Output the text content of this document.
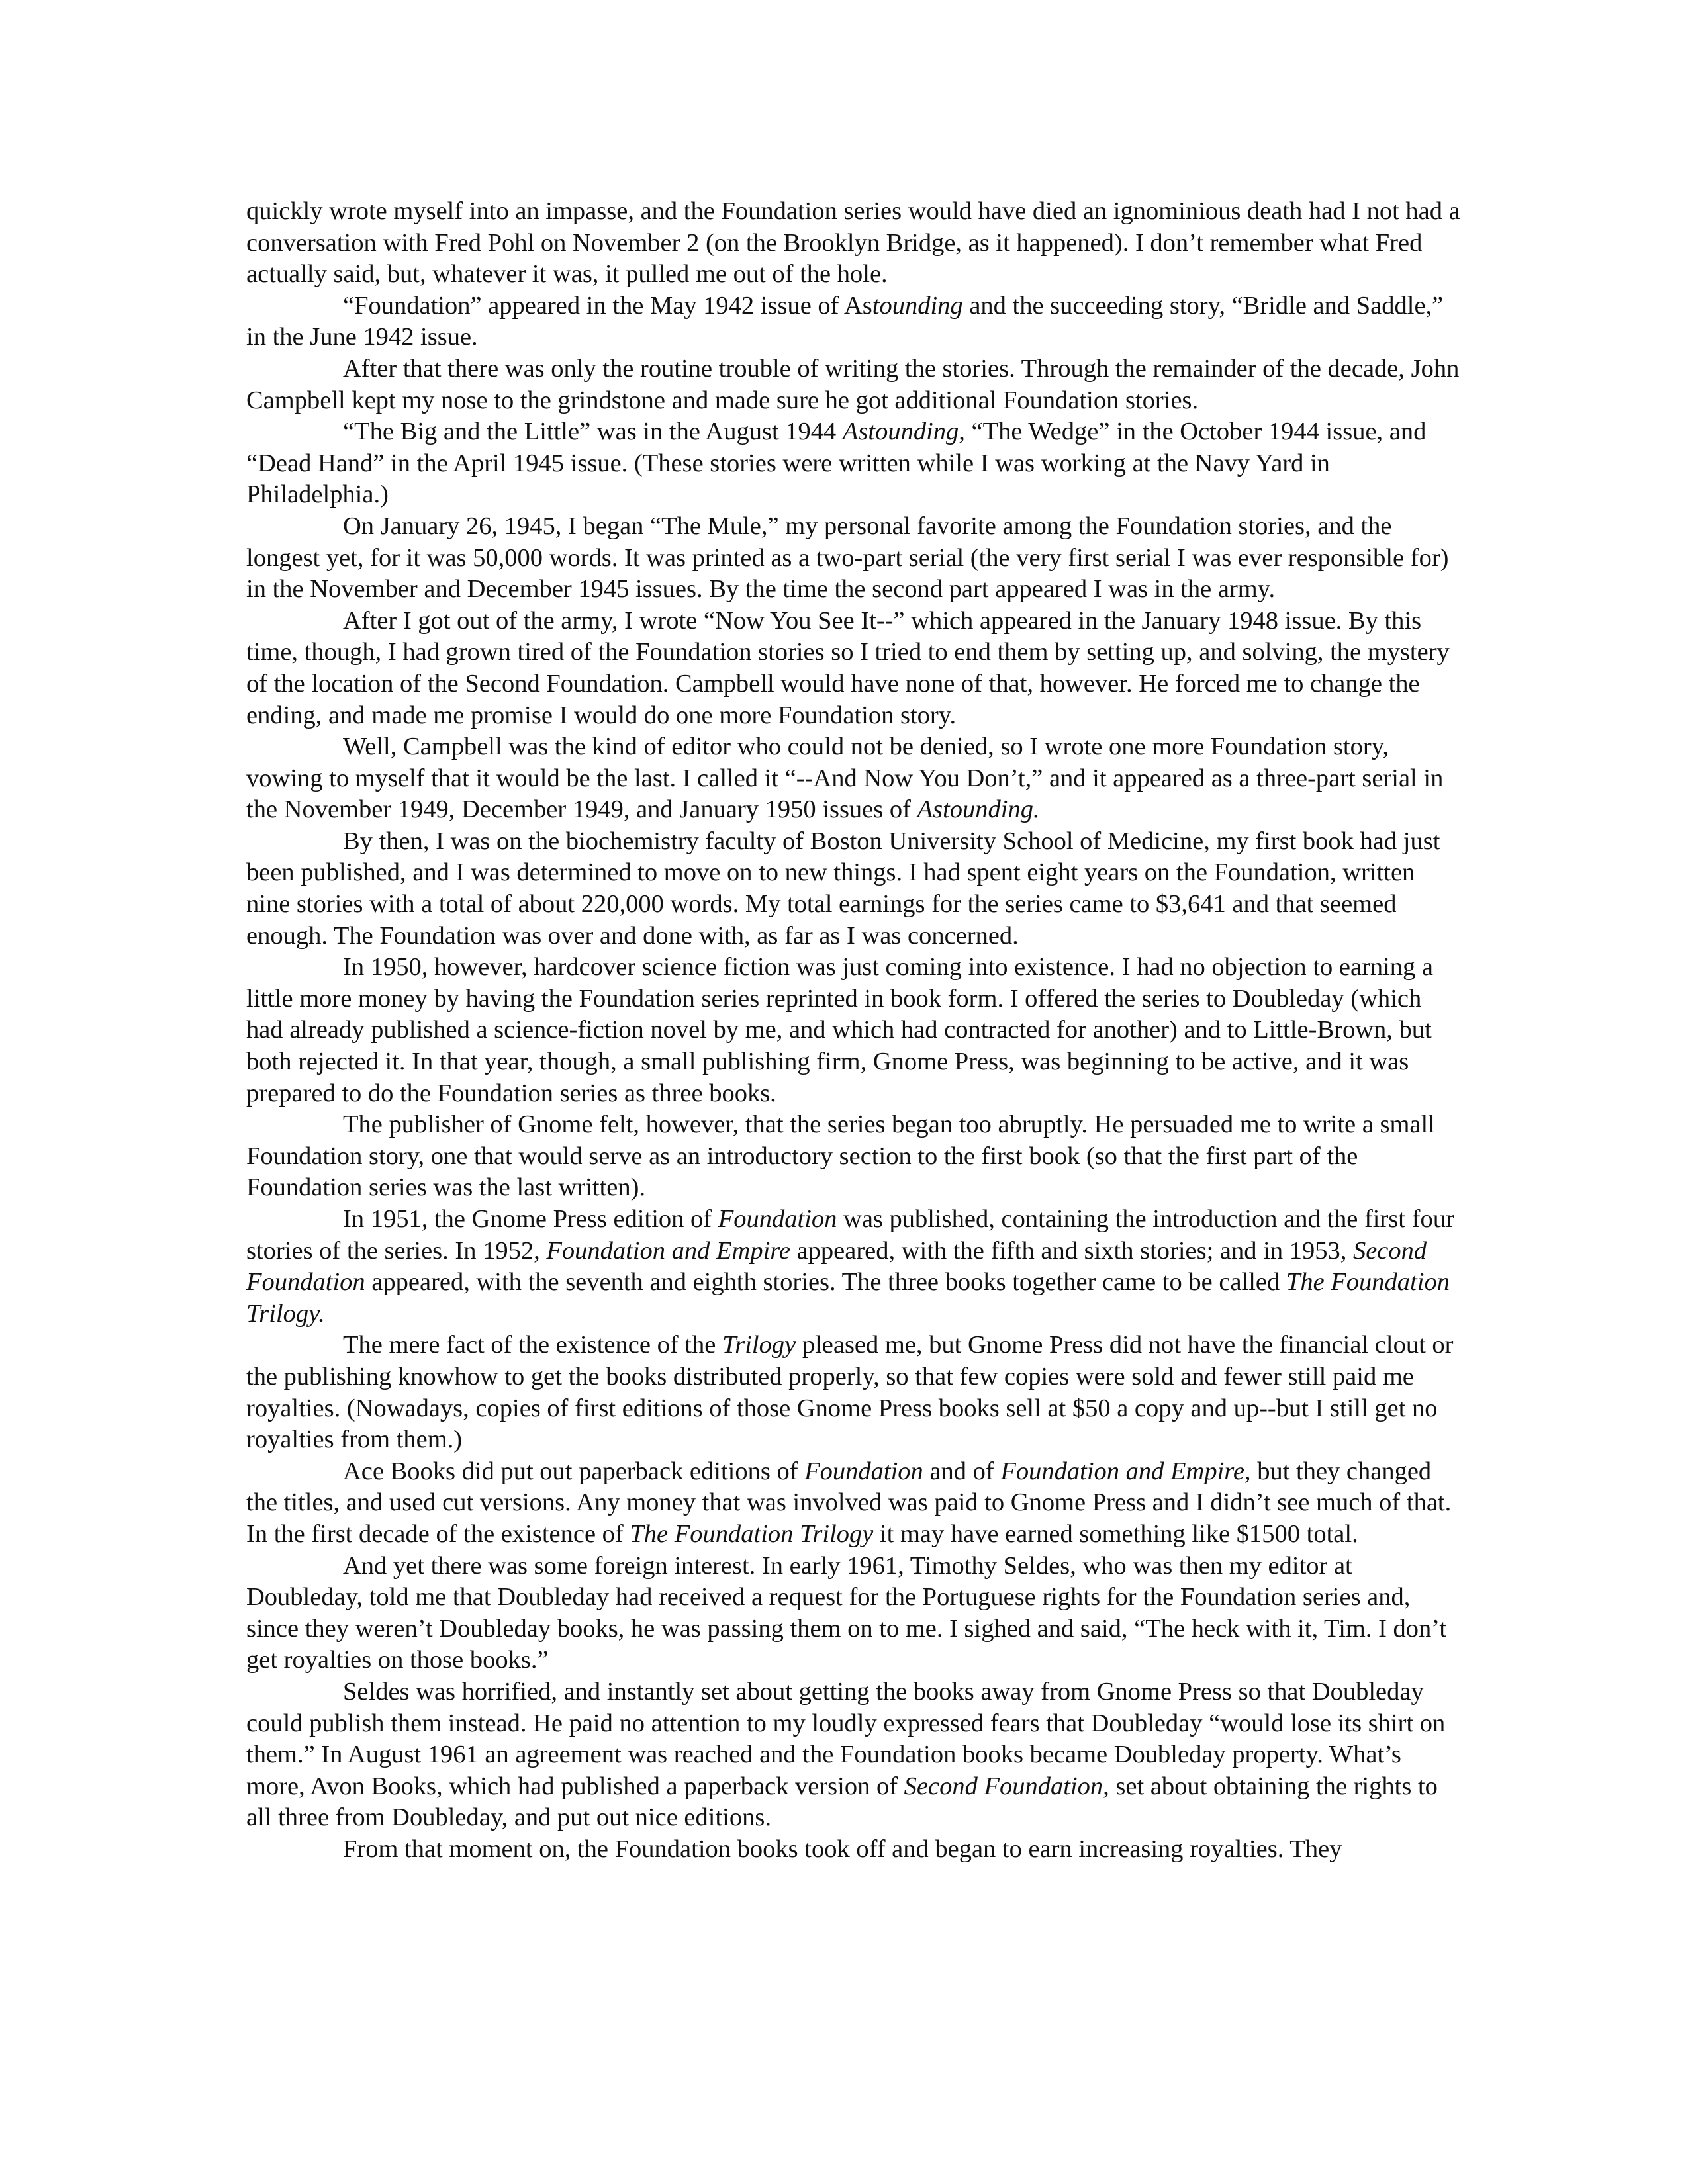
quickly wrote myself into an impasse, and the Foundation series would have died an ignominious death had I not had a conversation with Fred Pohl on November 2 (on the Brooklyn Bridge, as it happened). I don’t remember what Fred actually said, but, whatever it was, it pulled me out of the hole.

“Foundation” appeared in the May 1942 issue of Astounding and the succeeding story, “Bridle and Saddle,” in the June 1942 issue.

After that there was only the routine trouble of writing the stories. Through the remainder of the decade, John Campbell kept my nose to the grindstone and made sure he got additional Foundation stories.

“The Big and the Little” was in the August 1944 Astounding, “The Wedge” in the October 1944 issue, and “Dead Hand” in the April 1945 issue. (These stories were written while I was working at the Navy Yard in Philadelphia.)

On January 26, 1945, I began “The Mule,” my personal favorite among the Foundation stories, and the longest yet, for it was 50,000 words. It was printed as a two-part serial (the very first serial I was ever responsible for) in the November and December 1945 issues. By the time the second part appeared I was in the army.

After I got out of the army, I wrote “Now You See It--” which appeared in the January 1948 issue. By this time, though, I had grown tired of the Foundation stories so I tried to end them by setting up, and solving, the mystery of the location of the Second Foundation. Campbell would have none of that, however. He forced me to change the ending, and made me promise I would do one more Foundation story.

Well, Campbell was the kind of editor who could not be denied, so I wrote one more Foundation story, vowing to myself that it would be the last. I called it “--And Now You Don’t,” and it appeared as a three-part serial in the November 1949, December 1949, and January 1950 issues of Astounding.

By then, I was on the biochemistry faculty of Boston University School of Medicine, my first book had just been published, and I was determined to move on to new things. I had spent eight years on the Foundation, written nine stories with a total of about 220,000 words. My total earnings for the series came to $3,641 and that seemed enough. The Foundation was over and done with, as far as I was concerned.

In 1950, however, hardcover science fiction was just coming into existence. I had no objection to earning a little more money by having the Foundation series reprinted in book form. I offered the series to Doubleday (which had already published a science-fiction novel by me, and which had contracted for another) and to Little-Brown, but both rejected it. In that year, though, a small publishing firm, Gnome Press, was beginning to be active, and it was prepared to do the Foundation series as three books.

The publisher of Gnome felt, however, that the series began too abruptly. He persuaded me to write a small Foundation story, one that would serve as an introductory section to the first book (so that the first part of the Foundation series was the last written).

In 1951, the Gnome Press edition of Foundation was published, containing the introduction and the first four stories of the series. In 1952, Foundation and Empire appeared, with the fifth and sixth stories; and in 1953, Second Foundation appeared, with the seventh and eighth stories. The three books together came to be called The Foundation Trilogy.

The mere fact of the existence of the Trilogy pleased me, but Gnome Press did not have the financial clout or the publishing knowhow to get the books distributed properly, so that few copies were sold and fewer still paid me royalties. (Nowadays, copies of first editions of those Gnome Press books sell at $50 a copy and up--but I still get no royalties from them.)

Ace Books did put out paperback editions of Foundation and of Foundation and Empire, but they changed the titles, and used cut versions. Any money that was involved was paid to Gnome Press and I didn’t see much of that. In the first decade of the existence of The Foundation Trilogy it may have earned something like $1500 total.

And yet there was some foreign interest. In early 1961, Timothy Seldes, who was then my editor at Doubleday, told me that Doubleday had received a request for the Portuguese rights for the Foundation series and, since they weren’t Doubleday books, he was passing them on to me. I sighed and said, “The heck with it, Tim. I don’t get royalties on those books.”

Seldes was horrified, and instantly set about getting the books away from Gnome Press so that Doubleday could publish them instead. He paid no attention to my loudly expressed fears that Doubleday “would lose its shirt on them.” In August 1961 an agreement was reached and the Foundation books became Doubleday property. What’s more, Avon Books, which had published a paperback version of Second Foundation, set about obtaining the rights to all three from Doubleday, and put out nice editions.

From that moment on, the Foundation books took off and began to earn increasing royalties. They
